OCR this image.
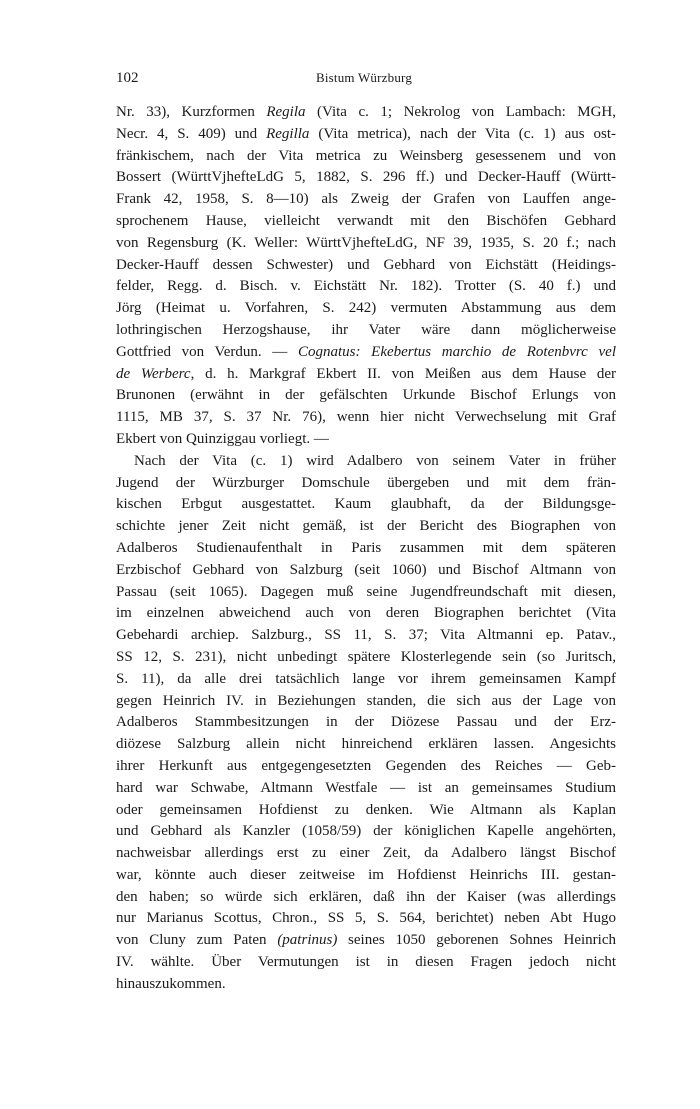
102	Bistum Würzburg
Nr. 33), Kurzformen Regila (Vita c. 1; Nekrolog von Lambach: MGH,
Necr. 4, S. 409) und Regilla (Vita metrica), nach der Vita (c. 1) aus ost-
fränkischem, nach der Vita metrica zu Weinsberg gesessenem und von
Bossert (WürttVjhefteLdG 5, 1882, S. 296 ff.) und Decker-Hauff (Württ-
Frank 42, 1958, S. 8—10) als Zweig der Grafen von Lauffen ange-
sprochenem Hause, vielleicht verwandt mit den Bischöfen Gebhard
von Regensburg (K. Weller: WürttVjhefteLdG, NF 39, 1935, S. 20 f.; nach
Decker-Hauff dessen Schwester) und Gebhard von Eichstätt (Heidings-
felder, Regg. d. Bisch. v. Eichstätt Nr. 182). Trotter (S. 40 f.) und
Jörg (Heimat u. Vorfahren, S. 242) vermuten Abstammung aus dem
lothringischen Herzogshause, ihr Vater wäre dann möglicherweise
Gottfried von Verdun. — Cognatus: Ekebertus marchio de Rotenbvrc vel
de Werberc, d. h. Markgraf Ekbert II. von Meißen aus dem Hause der
Brunonen (erwähnt in der gefälschten Urkunde Bischof Erlungs von
1115, MB 37, S. 37 Nr. 76), wenn hier nicht Verwechselung mit Graf
Ekbert von Quinziggau vorliegt. —
Nach der Vita (c. 1) wird Adalbero von seinem Vater in früher
Jugend der Würzburger Domschule übergeben und mit dem frän-
kischen Erbgut ausgestattet. Kaum glaubhaft, da der Bildungsge-
schichte jener Zeit nicht gemäß, ist der Bericht des Biographen von
Adalberos Studienaufenthalt in Paris zusammen mit dem späteren
Erzbischof Gebhard von Salzburg (seit 1060) und Bischof Altmann von
Passau (seit 1065). Dagegen muß seine Jugendfreundschaft mit diesen,
im einzelnen abweichend auch von deren Biographen berichtet (Vita
Gebehardi archiep. Salzburg., SS 11, S. 37; Vita Altmanni ep. Patav.,
SS 12, S. 231), nicht unbedingt spätere Klosterlegende sein (so Juritsch,
S. 11), da alle drei tatsächlich lange vor ihrem gemeinsamen Kampf
gegen Heinrich IV. in Beziehungen standen, die sich aus der Lage von
Adalberos Stammbesitzungen in der Diözese Passau und der Erz-
diözese Salzburg allein nicht hinreichend erklären lassen. Angesichts
ihrer Herkunft aus entgegengesetzten Gegenden des Reiches — Geb-
hard war Schwabe, Altmann Westfale — ist an gemeinsames Studium
oder gemeinsamen Hofdienst zu denken. Wie Altmann als Kaplan
und Gebhard als Kanzler (1058/59) der königlichen Kapelle angehörten,
nachweisbar allerdings erst zu einer Zeit, da Adalbero längst Bischof
war, könnte auch dieser zeitweise im Hofdienst Heinrichs III. gestan-
den haben; so würde sich erklären, daß ihn der Kaiser (was allerdings
nur Marianus Scottus, Chron., SS 5, S. 564, berichtet) neben Abt Hugo
von Cluny zum Paten (patrinus) seines 1050 geborenen Sohnes Heinrich
IV. wählte. Über Vermutungen ist in diesen Fragen jedoch nicht
hinauszukommen.
